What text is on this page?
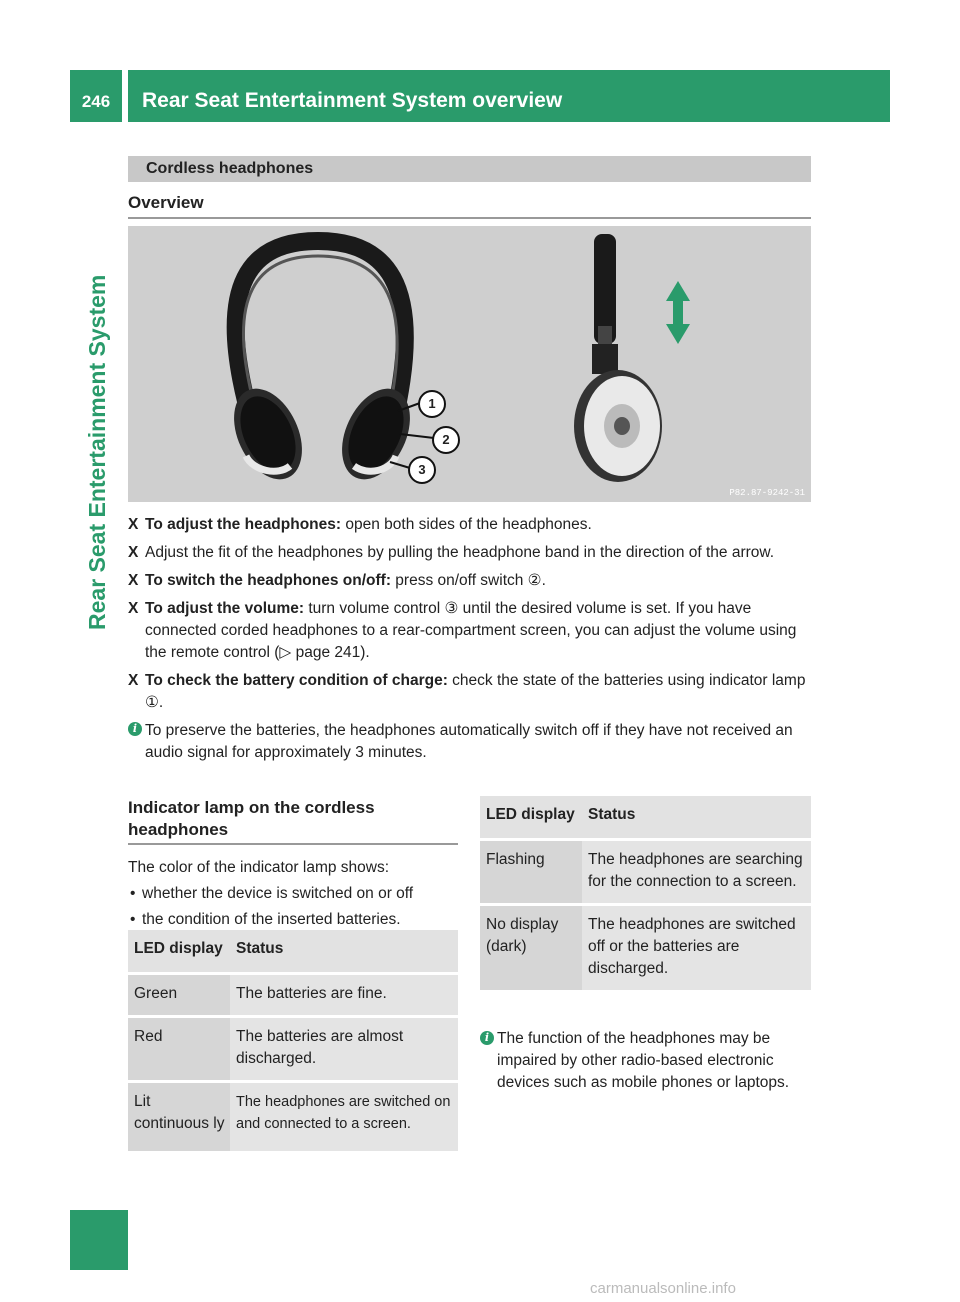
246	Rear Seat Entertainment System overview
Rear Seat Entertainment System
Cordless headphones
Overview
1
2
3
P82.87-9242-31
X To adjust the headphones: open both sides of the headphones.
X Adjust the fit of the headphones by pulling the headphone band in the direction of the arrow.
X To switch the headphones on/off: press on/off switch ②.
X To adjust the volume: turn volume control ③ until the desired volume is set. If you have connected corded headphones to a rear-compartment screen, you can adjust the volume using the remote control (▷ page 241).
X To check the battery condition of charge: check the state of the batteries using indicator lamp ①.
i To preserve the batteries, the headphones automatically switch off if they have not received an audio signal for approximately 3 minutes.
Indicator lamp on the cordless headphones
The color of the indicator lamp shows:
• whether the device is switched on or off
• the condition of the inserted batteries.
LED display	Status
Green	The batteries are fine.
Red	The batteries are almost discharged.
Lit continuous ly	The headphones are switched on and connected to a screen.
LED display	Status
Flashing	The headphones are searching for the connection to a screen.
No display (dark)	The headphones are switched off or the batteries are discharged.
i The function of the headphones may be impaired by other radio-based electronic devices such as mobile phones or laptops.
carmanualsonline.info
